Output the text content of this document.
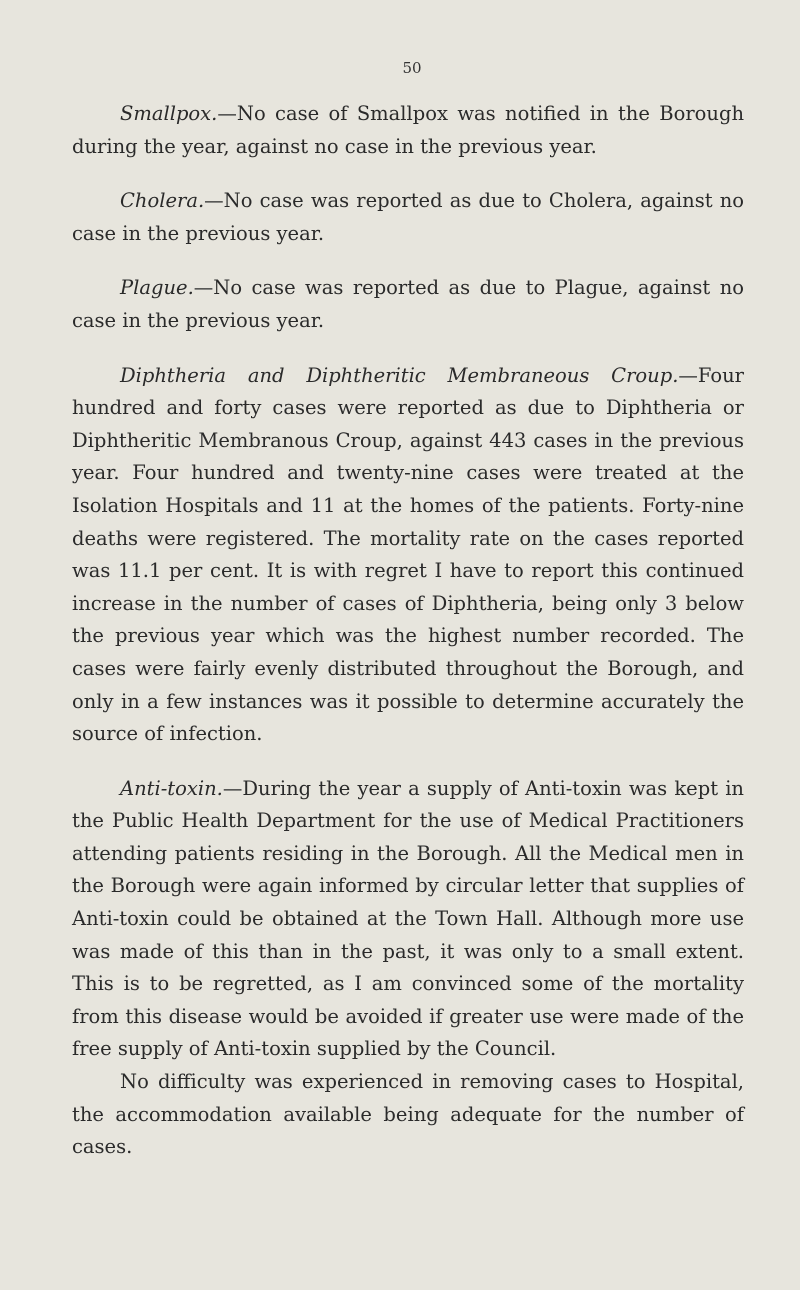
50

Smallpox.—No case of Smallpox was notified in the Borough during the year, against no case in the previous year.

Cholera.—No case was reported as due to Cholera, against no case in the previous year.

Plague.—No case was reported as due to Plague, against no case in the previous year.

Diphtheria and Diphtheritic Membraneous Croup.—Four hundred and forty cases were reported as due to Diphtheria or Diphtheritic Membranous Croup, against 443 cases in the previous year. Four hundred and twenty-nine cases were treated at the Isolation Hospitals and 11 at the homes of the patients. Forty-nine deaths were registered. The mortality rate on the cases reported was 11.1 per cent. It is with regret I have to report this continued increase in the number of cases of Diphtheria, being only 3 below the previous year which was the highest number recorded. The cases were fairly evenly distributed throughout the Borough, and only in a few instances was it possible to determine accurately the source of infection.

Anti-toxin.—During the year a supply of Anti-toxin was kept in the Public Health Department for the use of Medical Practitioners attending patients residing in the Borough. All the Medical men in the Borough were again informed by circular letter that supplies of Anti-toxin could be obtained at the Town Hall. Although more use was made of this than in the past, it was only to a small extent. This is to be regretted, as I am convinced some of the mortality from this disease would be avoided if greater use were made of the free supply of Anti-toxin supplied by the Council.

No difficulty was experienced in removing cases to Hospital, the accommodation available being adequate for the number of cases.
